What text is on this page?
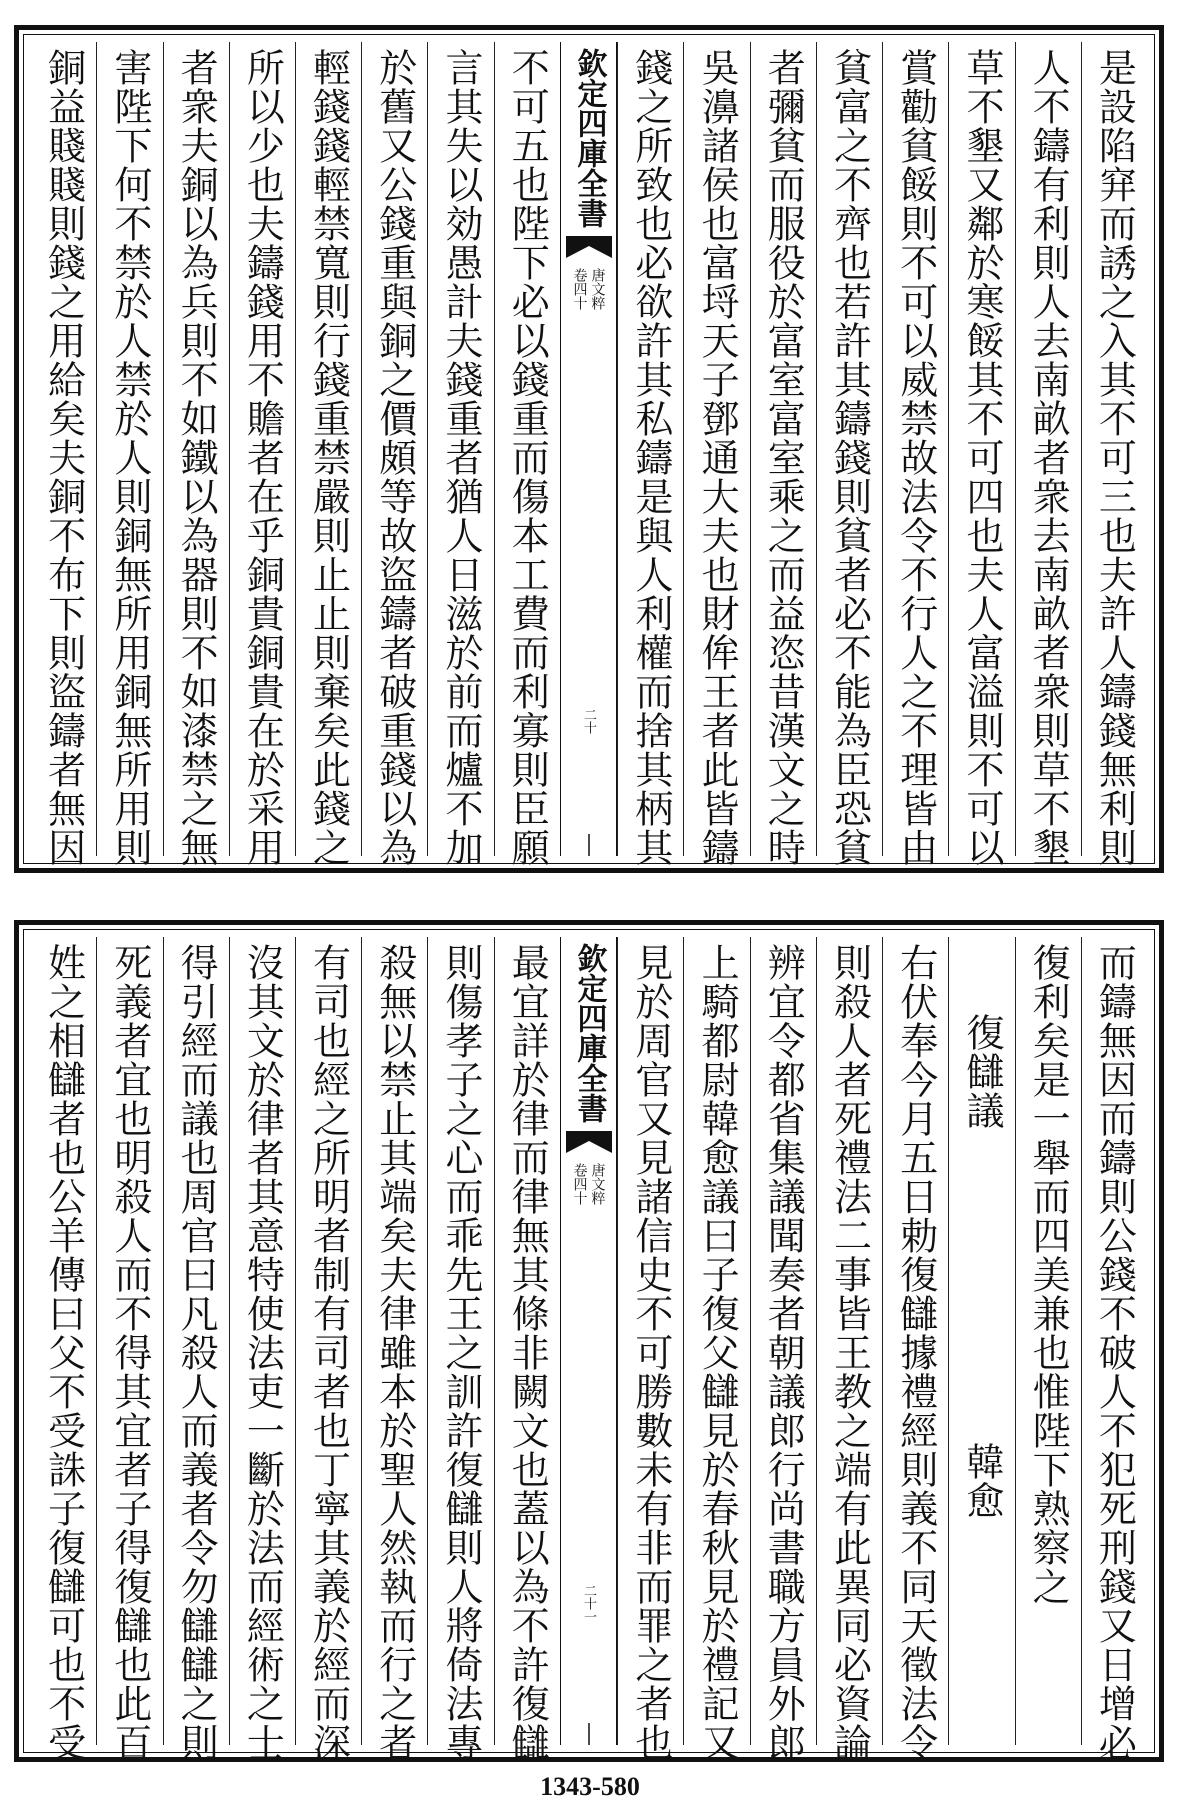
是設陷穽而誘之入其不可三也夫許人鑄錢無利則
人不鑄有利則人去南畝者衆去南畝者衆則草不墾
草不墾又鄰於寒餒其不可四也夫人富溢則不可以
賞勸貧餒則不可以威禁故法令不行人之不理皆由
貧富之不齊也若許其鑄錢則貧者必不能為臣恐貧
者彌貧而服役於富室富室乘之而益恣昔漢文之時
吳濞諸侯也富埒天子鄧通大夫也財侔王者此皆鑄
錢之所致也必欲許其私鑄是與人利權而捨其柄其
欽定四庫全書
唐文粹
卷四十
二十
不可五也陛下必以錢重而傷本工費而利寡則臣願
言其失以効愚計夫錢重者猶人日滋於前而爐不加
於舊又公錢重與銅之價頗等故盜鑄者破重錢以為
輕錢錢輕禁寬則行錢重禁嚴則止止則棄矣此錢之
所以少也夫鑄錢用不贍者在乎銅貴銅貴在於采用
者衆夫銅以為兵則不如鐵以為器則不如漆禁之無
害陛下何不禁於人禁於人則銅無所用銅無所用則
銅益賤賤則錢之用給矣夫銅不布下則盜鑄者無因
而鑄無因而鑄則公錢不破人不犯死刑錢又日增必
復利矣是一舉而四美兼也惟陛下熟察之
復讎議　　　　　　　　韓愈
右伏奉今月五日勅復讎據禮經則義不同天徵法令
則殺人者死禮法二事皆王教之端有此異同必資論
辨宜令都省集議聞奏者朝議郎行尚書職方員外郎
上騎都尉韓愈議曰子復父讎見於春秋見於禮記又
見於周官又見諸信史不可勝數未有非而罪之者也
欽定四庫全書
唐文粹
卷四十
二十一
最宜詳於律而律無其條非闕文也蓋以為不許復讎
則傷孝子之心而乖先王之訓許復讎則人將倚法專
殺無以禁止其端矣夫律雖本於聖人然執而行之者
有司也經之所明者制有司者也丁寧其義於經而深
沒其文於律者其意特使法吏一斷於法而經術之士
得引經而議也周官曰凡殺人而義者令勿讎讎之則
死義者宜也明殺人而不得其宜者子得復讎也此百
姓之相讎者也公羊傳曰父不受誅子復讎可也不受
1343-580
